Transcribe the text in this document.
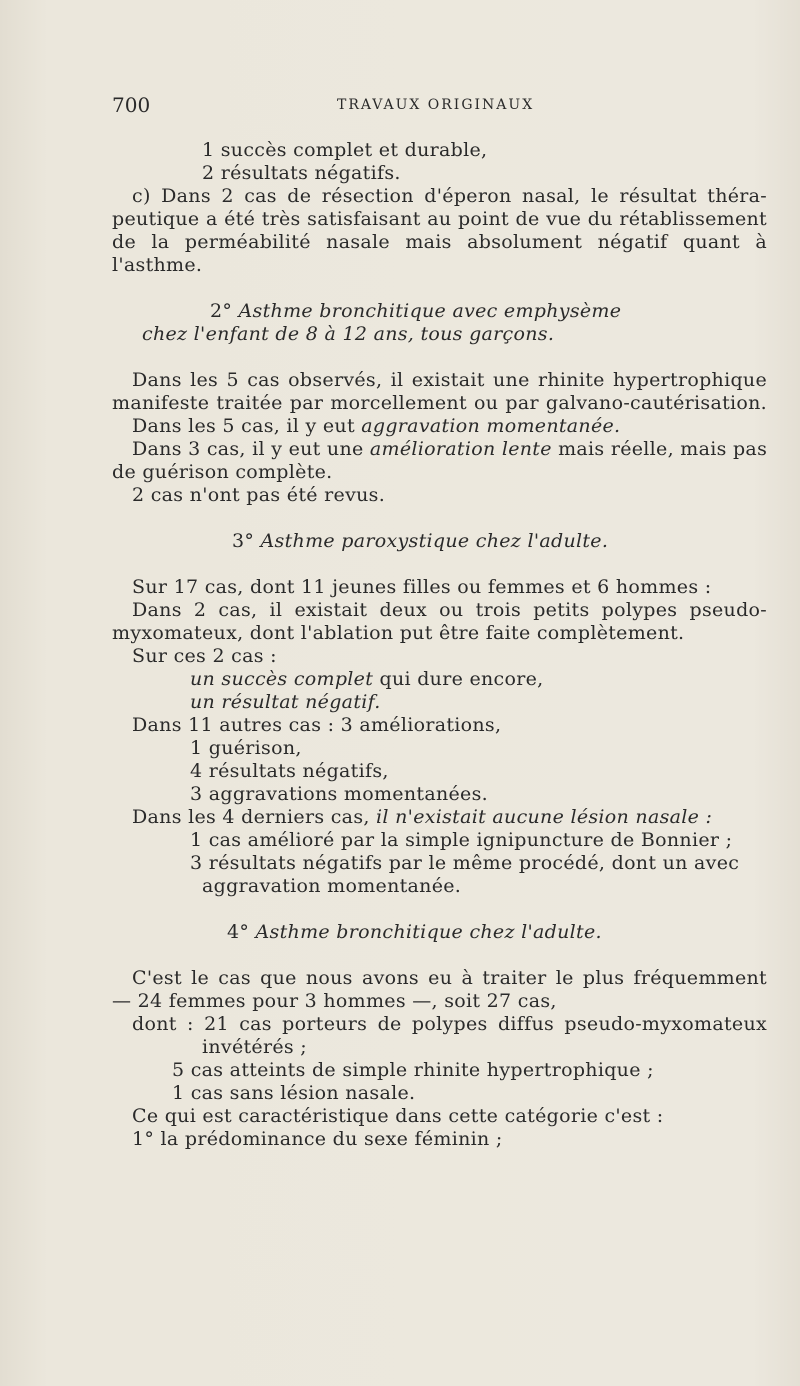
700	TRAVAUX ORIGINAUX
1 succès complet et durable,
2 résultats négatifs.
c) Dans 2 cas de résection d'éperon nasal, le résultat théra-
peutique a été très satisfaisant au point de vue du rétablissement
de la perméabilité nasale mais absolument négatif quant à
l'asthme.
2° Asthme bronchitique avec emphysème
chez l'enfant de 8 à 12 ans, tous garçons.
Dans les 5 cas observés, il existait une rhinite hypertrophique
manifeste traitée par morcellement ou par galvano-cautérisation.
Dans les 5 cas, il y eut aggravation momentanée.
Dans 3 cas, il y eut une amélioration lente mais réelle, mais pas
de guérison complète.
2 cas n'ont pas été revus.
3° Asthme paroxystique chez l'adulte.
Sur 17 cas, dont 11 jeunes filles ou femmes et 6 hommes :
Dans 2 cas, il existait deux ou trois petits polypes pseudo-
myxomateux, dont l'ablation put être faite complètement.
Sur ces 2 cas :
un succès complet qui dure encore,
un résultat négatif.
Dans 11 autres cas : 3 améliorations,
1 guérison,
4 résultats négatifs,
3 aggravations momentanées.
Dans les 4 derniers cas, il n'existait aucune lésion nasale :
1 cas amélioré par la simple ignipuncture de Bonnier ;
3 résultats négatifs par le même procédé, dont un avec
aggravation momentanée.
4° Asthme bronchitique chez l'adulte.
C'est le cas que nous avons eu à traiter le plus fréquemment
— 24 femmes pour 3 hommes —, soit 27 cas,
dont : 21 cas porteurs de polypes diffus pseudo-myxomateux
invétérés ;
5 cas atteints de simple rhinite hypertrophique ;
1 cas sans lésion nasale.
Ce qui est caractéristique dans cette catégorie c'est :
1° la prédominance du sexe féminin ;
